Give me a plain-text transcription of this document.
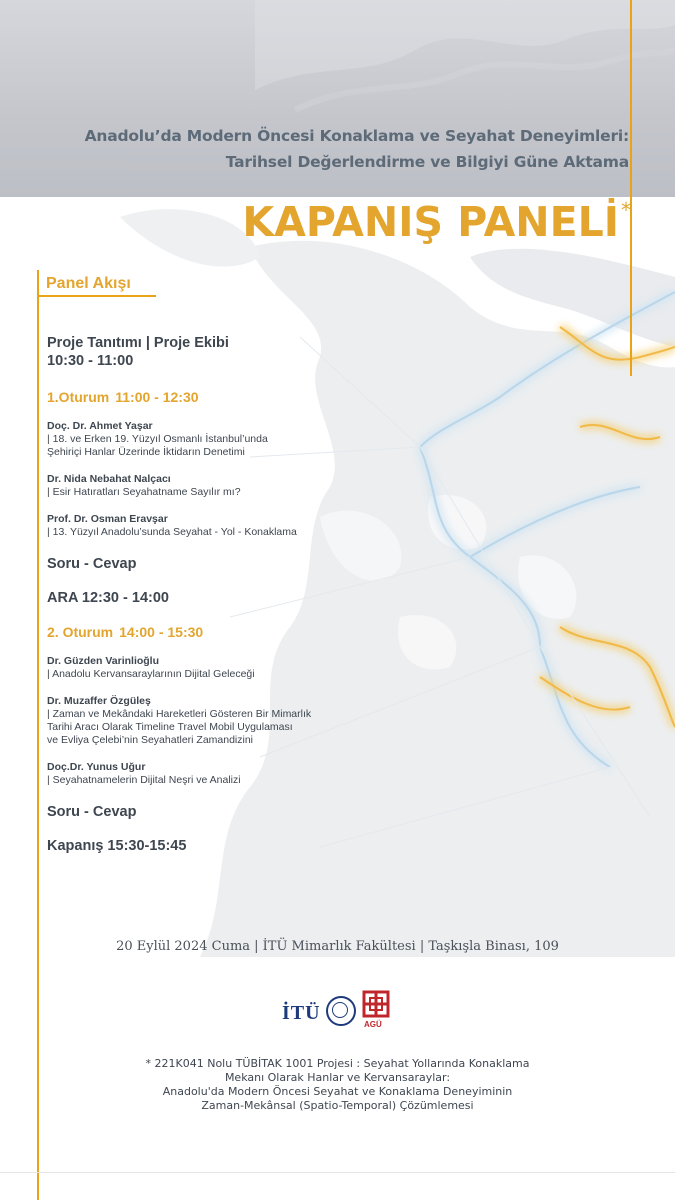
Anadolu’da Modern Öncesi Konaklama ve Seyahat Deneyimleri:
Tarihsel Değerlendirme ve Bilgiyi Güne Aktama
KAPANIŞ PANELİ *
Panel Akışı
Proje Tanıtımı | Proje Ekibi
10:30 - 11:00
1.Oturum 11:00 - 12:30
Doç. Dr. Ahmet Yaşar
| 18. ve Erken 19. Yüzyıl Osmanlı İstanbul’unda
Şehiriçi Hanlar Üzerinde İktidarın Denetimi
Dr. Nida Nebahat Nalçacı
| Esir Hatıratları Seyahatname Sayılır mı?
Prof. Dr. Osman Eravşar
| 13. Yüzyıl Anadolu’sunda Seyahat - Yol - Konaklama
Soru - Cevap
ARA 12:30 - 14:00
2. Oturum 14:00 - 15:30
Dr. Güzden Varinlioğlu
| Anadolu Kervansaraylarının Dijital Geleceği
Dr. Muzaffer Özgüleş
| Zaman ve Mekândaki Hareketleri Gösteren Bir Mimarlık
Tarihi Aracı Olarak Timeline Travel Mobil Uygulaması
ve Evliya Çelebi’nin Seyahatleri Zamandizini
Doç.Dr. Yunus Uğur
| Seyahatnamelerin Dijital Neşri ve Analizi
Soru - Cevap
Kapanış 15:30-15:45
20 Eylül 2024 Cuma | İTÜ Mimarlık Fakültesi | Taşkışla Binası, 109
İTÜ
AGÜ
* 221K041 Nolu TÜBİTAK 1001 Projesi : Seyahat Yollarında Konaklama
Mekanı Olarak Hanlar ve Kervansaraylar:
Anadolu'da Modern Öncesi Seyahat ve Konaklama Deneyiminin
Zaman-Mekânsal (Spatio-Temporal) Çözümlemesi
